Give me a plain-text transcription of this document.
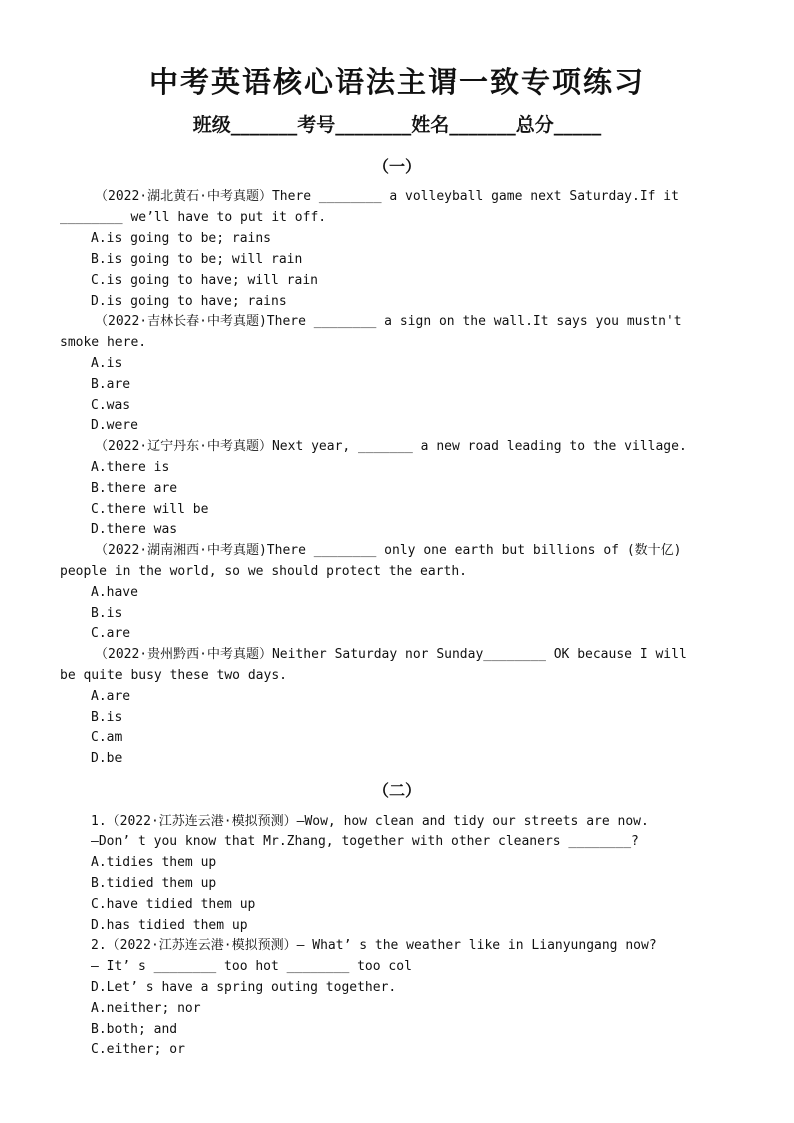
中考英语核心语法主谓一致专项练习
班级_______考号________姓名_______总分_____
（一）
（2022·湖北黄石·中考真题）There ________ a volleyball game next Saturday.If it
________ we’ll have to put it off.
A.is going to be; rains
B.is going to be; will rain
C.is going to have; will rain
D.is going to have; rains
（2022·吉林长春·中考真题)There ________ a sign on the wall.It says you mustn't
smoke here.
A.is
B.are
C.was
D.were
（2022·辽宁丹东·中考真题）Next year, _______ a new road leading to the village.
A.there is
B.there are
C.there will be
D.there was
（2022·湖南湘西·中考真题)There ________ only one earth but billions of (数十亿)
people in the world, so we should protect the earth.
A.have
B.is
C.are
（2022·贵州黔西·中考真题）Neither Saturday nor Sunday________ OK because I will
be quite busy these two days.
A.are
B.is
C.am
D.be
（二）
1.（2022·江苏连云港·模拟预测）—Wow, how clean and tidy our streets are now.
—Don’ t you know that Mr.Zhang, together with other cleaners ________?
A.tidies them up
B.tidied them up
C.have tidied them up
D.has tidied them up
2.（2022·江苏连云港·模拟预测）— What’ s the weather like in Lianyungang now?
— It’ s ________ too hot ________ too col
D.Let’ s have a spring outing together.
A.neither; nor
B.both; and
C.either; or
